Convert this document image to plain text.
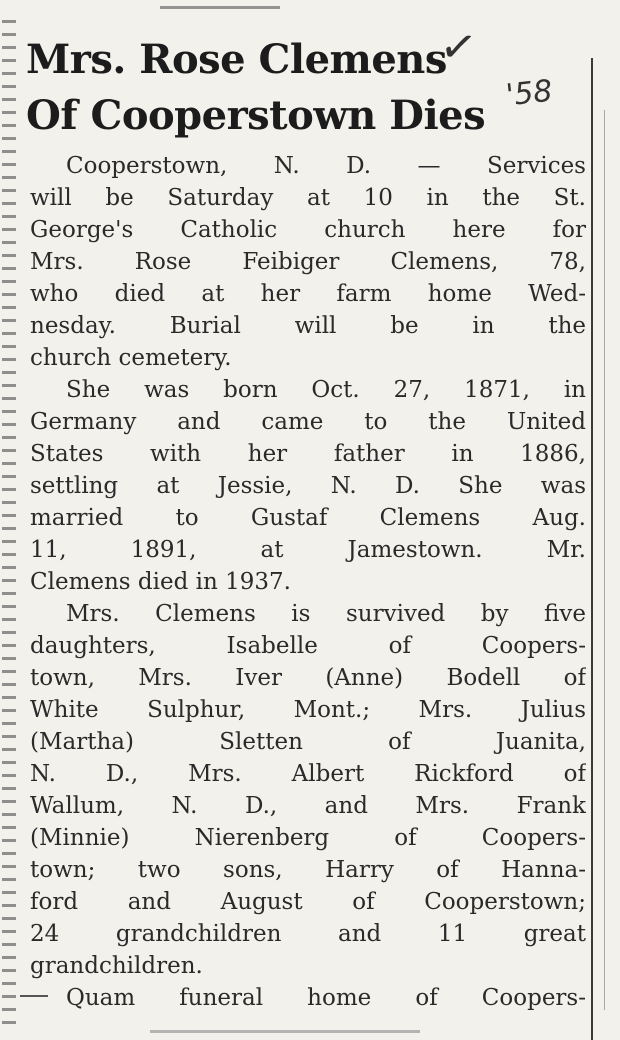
Mrs. Rose Clemens
Of Cooperstown Dies
✓
'58

Cooperstown, N. D. — Services

will be Saturday at 10 in the St.

George's Catholic church here for

Mrs. Rose Feibiger Clemens, 78,

who died at her farm home Wed-

nesday. Burial will be in the

church cemetery.

She was born Oct. 27, 1871, in

Germany and came to the United

States with her father in 1886,

settling at Jessie, N. D. She was

married to Gustaf Clemens Aug.

11, 1891, at Jamestown. Mr.

Clemens died in 1937.

Mrs. Clemens is survived by five

daughters, Isabelle of Coopers-

town, Mrs. Iver (Anne) Bodell of

White Sulphur, Mont.; Mrs. Julius

(Martha) Sletten of Juanita,

N. D., Mrs. Albert Rickford of

Wallum, N. D., and Mrs. Frank

(Minnie) Nierenberg of Coopers-

town; two sons, Harry of Hanna-

ford and August of Cooperstown;

24 grandchildren and 11 great

grandchildren.

Quam funeral home of Coopers-
